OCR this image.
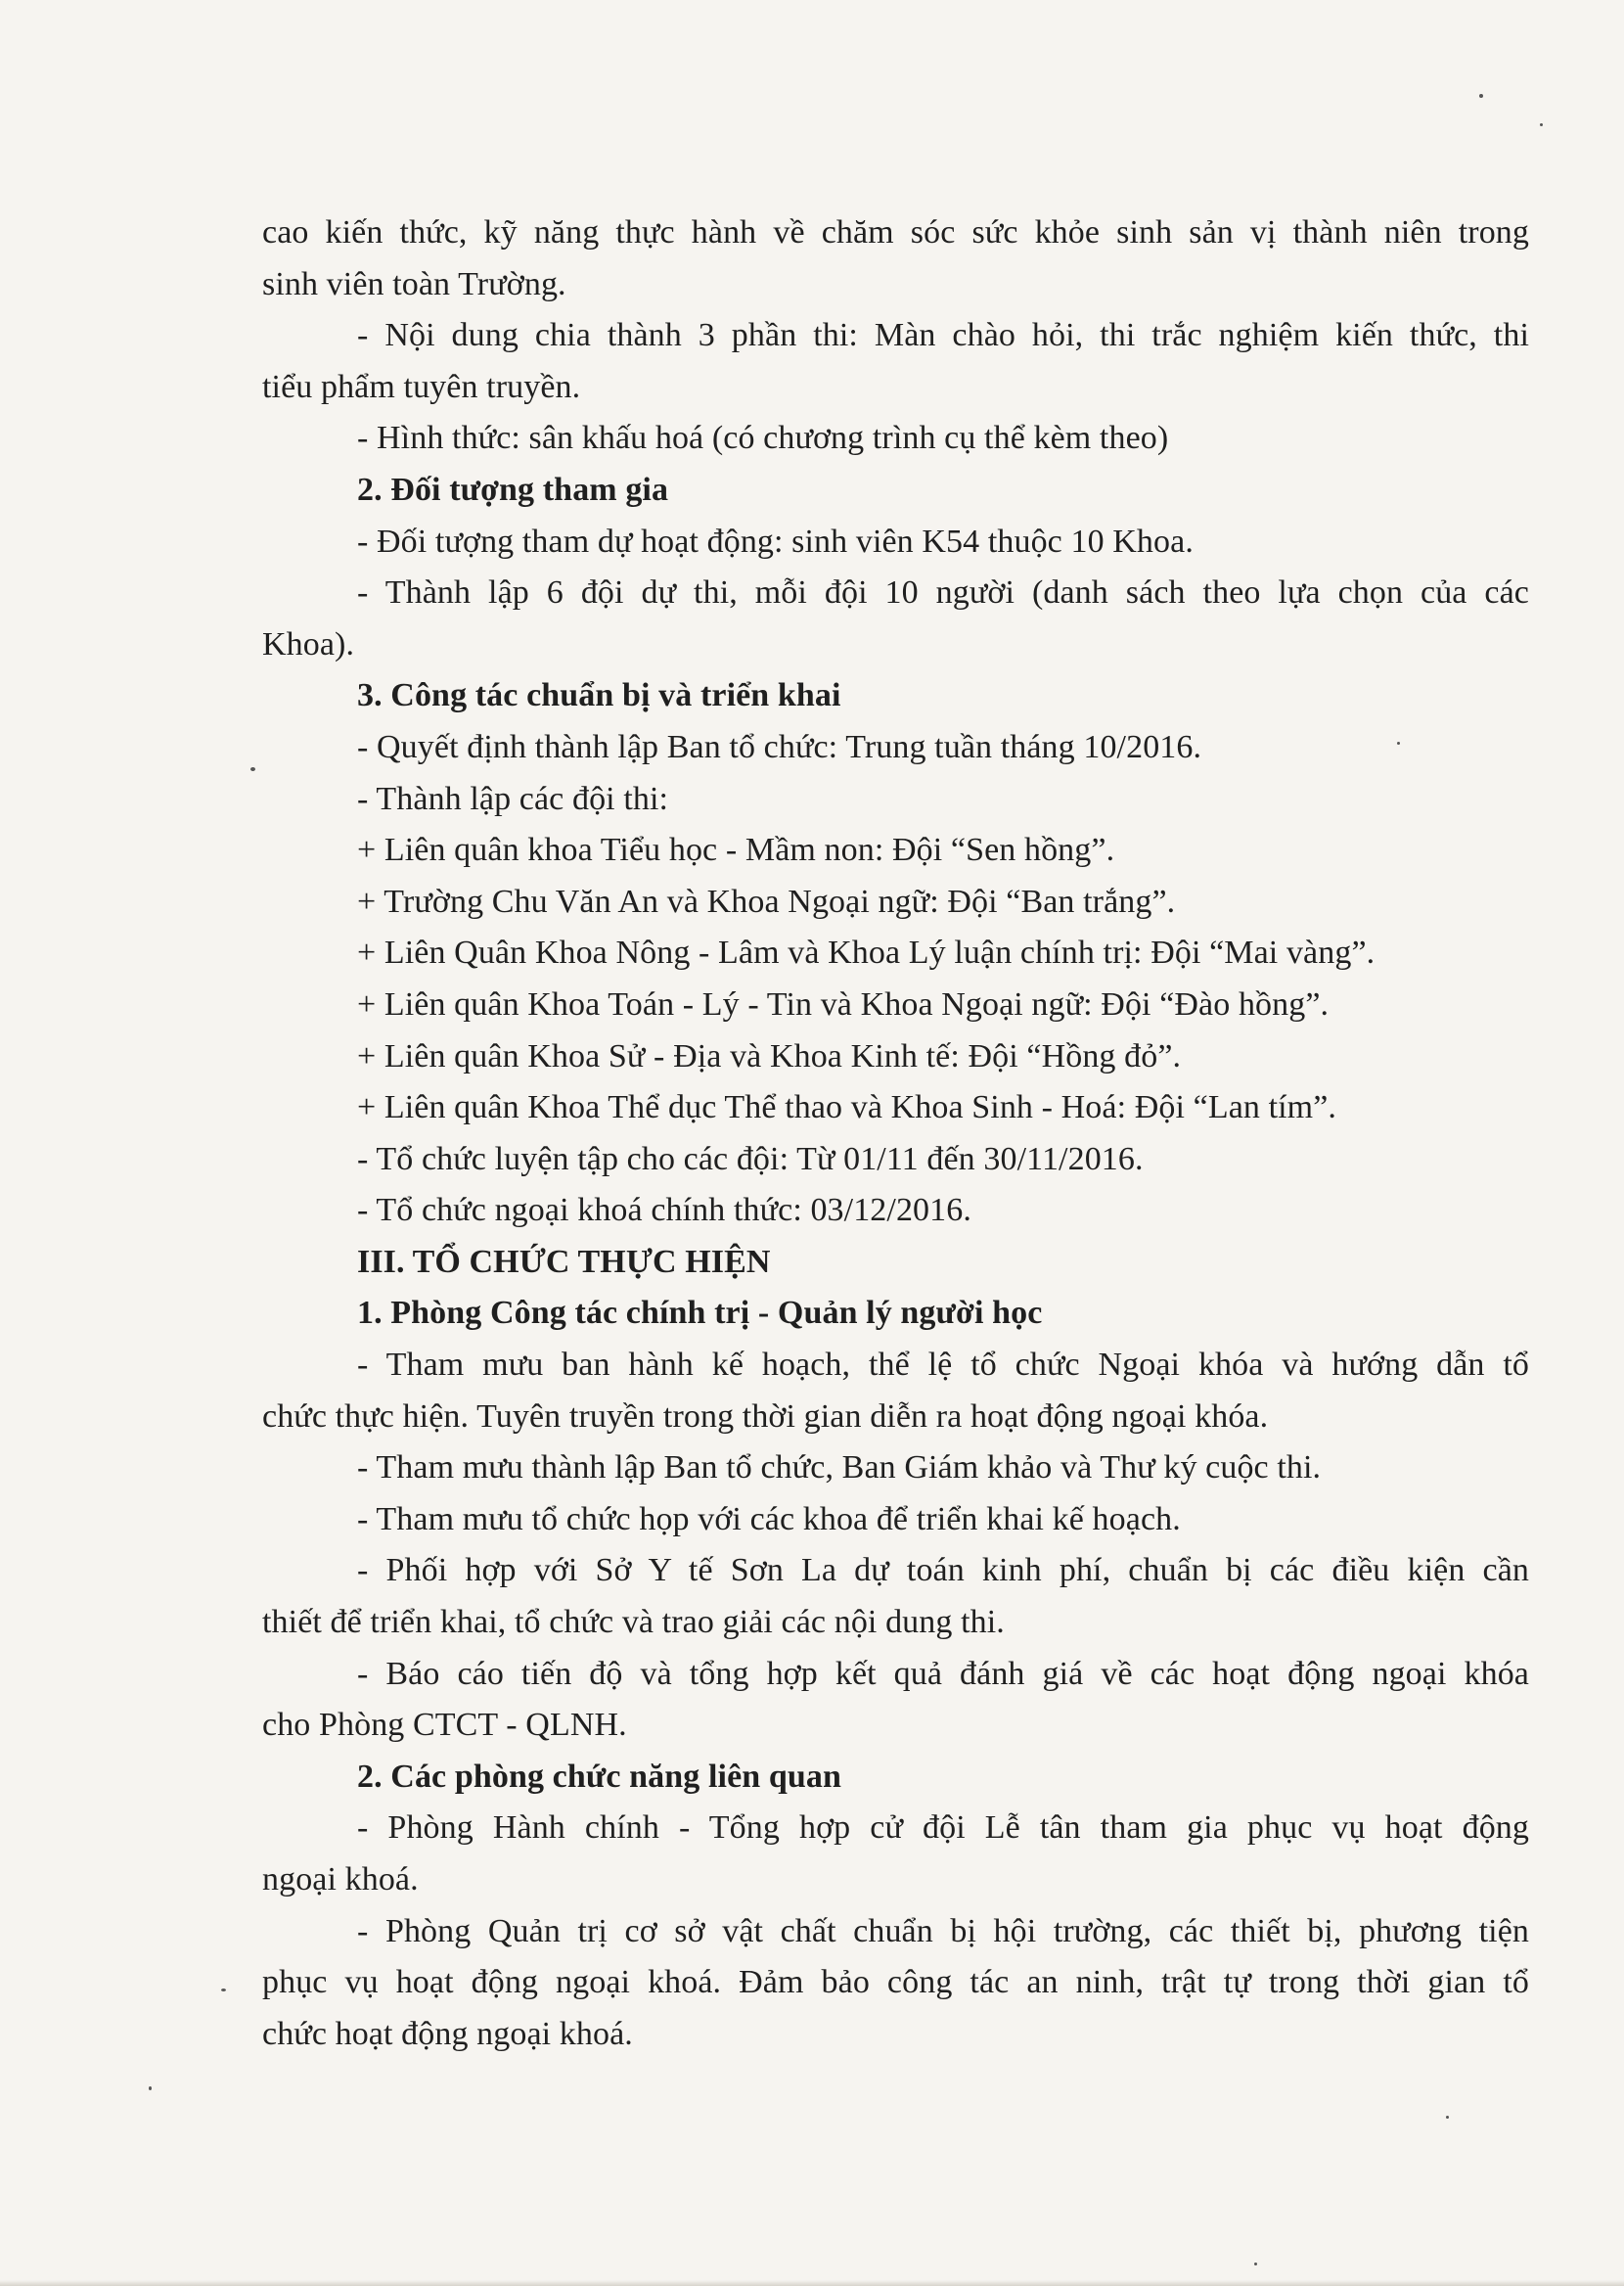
cao kiến thức, kỹ năng thực hành về chăm sóc sức khỏe sinh sản vị thành niên trong
sinh viên toàn Trường.
- Nội dung chia thành 3 phần thi: Màn chào hỏi, thi trắc nghiệm kiến thức, thi
tiểu phẩm tuyên truyền.
- Hình thức: sân khấu hoá (có chương trình cụ thể kèm theo)
2. Đối tượng tham gia
- Đối tượng tham dự hoạt động: sinh viên K54 thuộc 10 Khoa.
- Thành lập 6 đội dự thi, mỗi đội 10 người (danh sách theo lựa chọn của các
Khoa).
3. Công tác chuẩn bị và triển khai
- Quyết định thành lập Ban tổ chức: Trung tuần tháng 10/2016.
- Thành lập các đội thi:
+ Liên quân khoa Tiểu học - Mầm non: Đội “Sen hồng”.
+ Trường Chu Văn An và Khoa Ngoại ngữ: Đội “Ban trắng”.
+ Liên Quân Khoa Nông - Lâm và Khoa Lý luận chính trị: Đội “Mai vàng”.
+ Liên quân Khoa Toán - Lý - Tin và Khoa Ngoại ngữ: Đội “Đào hồng”.
+ Liên quân Khoa Sử - Địa và Khoa Kinh tế: Đội “Hồng đỏ”.
+ Liên quân Khoa Thể dục Thể thao và Khoa Sinh - Hoá: Đội “Lan tím”.
- Tổ chức luyện tập cho các đội: Từ 01/11 đến 30/11/2016.
- Tổ chức ngoại khoá chính thức: 03/12/2016.
III. TỔ CHỨC THỰC HIỆN
1. Phòng Công tác chính trị - Quản lý người học
- Tham mưu ban hành kế hoạch, thể lệ tổ chức Ngoại khóa và hướng dẫn tổ
chức thực hiện. Tuyên truyền trong thời gian diễn ra hoạt động ngoại khóa.
- Tham mưu thành lập Ban tổ chức, Ban Giám khảo và Thư ký cuộc thi.
- Tham mưu tổ chức họp với các khoa để triển khai kế hoạch.
- Phối hợp với Sở Y tế Sơn La dự toán kinh phí, chuẩn bị các điều kiện cần
thiết để triển khai, tổ chức và trao giải các nội dung thi.
- Báo cáo tiến độ và tổng hợp kết quả đánh giá về các hoạt động ngoại khóa
cho Phòng CTCT - QLNH.
2. Các phòng chức năng liên quan
- Phòng Hành chính - Tổng hợp cử đội Lễ tân tham gia phục vụ hoạt động
ngoại khoá.
- Phòng Quản trị cơ sở vật chất chuẩn bị hội trường, các thiết bị, phương tiện
phục vụ hoạt động ngoại khoá. Đảm bảo công tác an ninh, trật tự trong thời gian tổ
chức hoạt động ngoại khoá.
